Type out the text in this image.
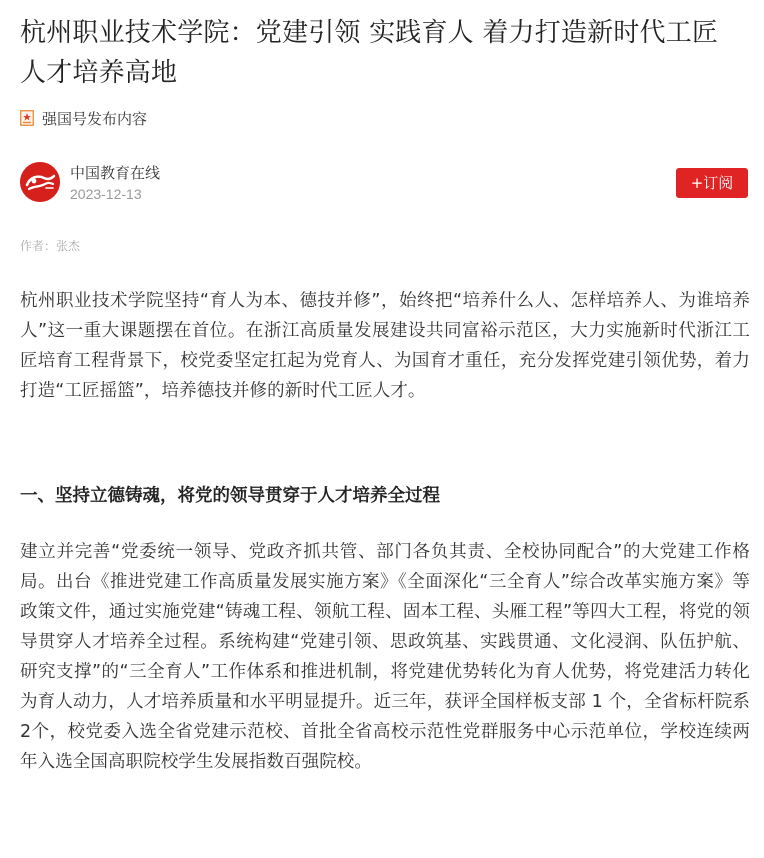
杭州职业技术学院：党建引领 实践育人 着力打造新时代工匠人才培养高地
强国号发布内容
中国教育在线
2023-12-13
+订阅
作者：张杰

杭州职业技术学院坚持“育人为本、德技并修”，始终把“培养什么人、怎样培养人、为谁培养人”这一重大课题摆在首位。在浙江高质量发展建设共同富裕示范区，大力实施新时代浙江工匠培育工程背景下，校党委坚定扛起为党育人、为国育才重任，充分发挥党建引领优势，着力打造“工匠摇篮”，培养德技并修的新时代工匠人才。

一、坚持立德铸魂，将党的领导贯穿于人才培养全过程

建立并完善“党委统一领导、党政齐抓共管、部门各负其责、全校协同配合”的大党建工作格局。出台《推进党建工作高质量发展实施方案》《全面深化“三全育人”综合改革实施方案》等政策文件，通过实施党建“铸魂工程、领航工程、固本工程、头雁工程”等四大工程，将党的领导贯穿人才培养全过程。系统构建“党建引领、思政筑基、实践贯通、文化浸润、队伍护航、研究支撑”的“三全育人”工作体系和推进机制，将党建优势转化为育人优势，将党建活力转化为育人动力，人才培养质量和水平明显提升。近三年，获评全国样板支部 1 个，全省标杆院系 2个，校党委入选全省党建示范校、首批全省高校示范性党群服务中心示范单位，学校连续两年入选全国高职院校学生发展指数百强院校。
